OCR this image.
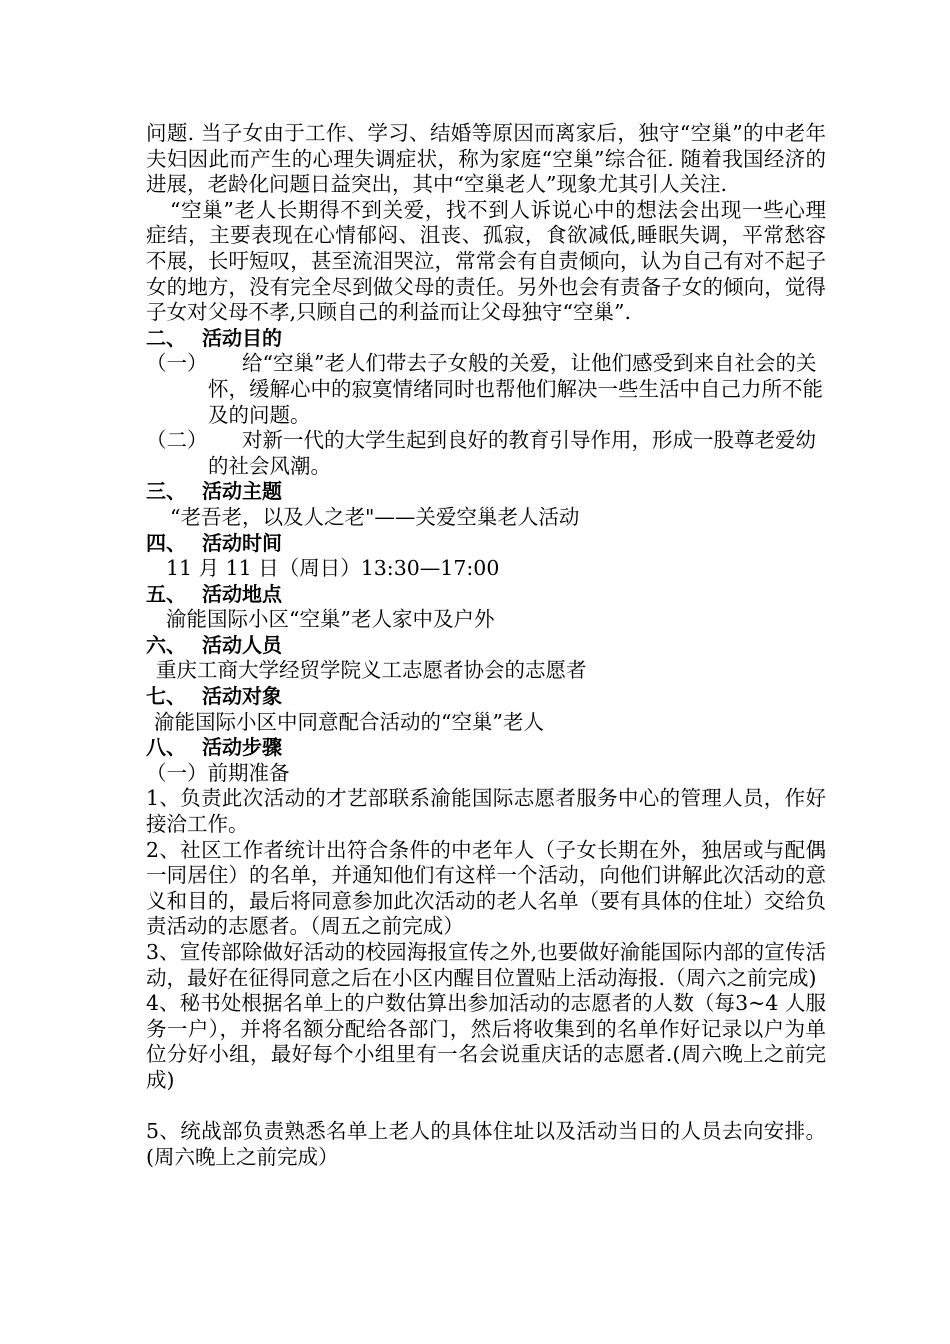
问题. 当子女由于工作、学习、结婚等原因而离家后，独守“空巢”的中老年夫妇因此而产生的心理失调症状，称为家庭“空巢”综合征. 随着我国经济的进展，老龄化问题日益突出，其中“空巢老人”现象尤其引人关注.

“空巢”老人长期得不到关爱，找不到人诉说心中的想法会出现一些心理症结，主要表现在心情郁闷、沮丧、孤寂，食欲减低,睡眠失调，平常愁容不展，长吁短叹，甚至流泪哭泣，常常会有自责倾向，认为自己有对不起子女的地方，没有完全尽到做父母的责任。另外也会有责备子女的倾向，觉得子女对父母不孝,只顾自己的利益而让父母独守“空巢”.

二、 活动目的

（一）	给“空巢”老人们带去子女般的关爱，让他们感受到来自社会的关怀，缓解心中的寂寞情绪同时也帮他们解决一些生活中自己力所不能及的问题。
（二）	对新一代的大学生起到良好的教育引导作用，形成一股尊老爱幼的社会风潮。

三、 活动主题

“老吾老，以及人之老"——关爱空巢老人活动

四、 活动时间

11 月 11 日（周日）13:30—17:00

五、 活动地点

渝能国际小区“空巢”老人家中及户外

六、 活动人员

重庆工商大学经贸学院义工志愿者协会的志愿者

七、 活动对象

渝能国际小区中同意配合活动的“空巢”老人

八、 活动步骤

（一）前期准备

1、负责此次活动的才艺部联系渝能国际志愿者服务中心的管理人员，作好接洽工作。

2、社区工作者统计出符合条件的中老年人（子女长期在外，独居或与配偶一同居住）的名单，并通知他们有这样一个活动，向他们讲解此次活动的意义和目的，最后将同意参加此次活动的老人名单（要有具体的住址）交给负责活动的志愿者。（周五之前完成）

3、宣传部除做好活动的校园海报宣传之外,也要做好渝能国际内部的宣传活动，最好在征得同意之后在小区内醒目位置贴上活动海报.（周六之前完成)

4、秘书处根据名单上的户数估算出参加活动的志愿者的人数（每3~4 人服务一户），并将名额分配给各部门，然后将收集到的名单作好记录以户为单位分好小组，最好每个小组里有一名会说重庆话的志愿者.(周六晚上之前完成)

5、统战部负责熟悉名单上老人的具体住址以及活动当日的人员去向安排。(周六晚上之前完成）
